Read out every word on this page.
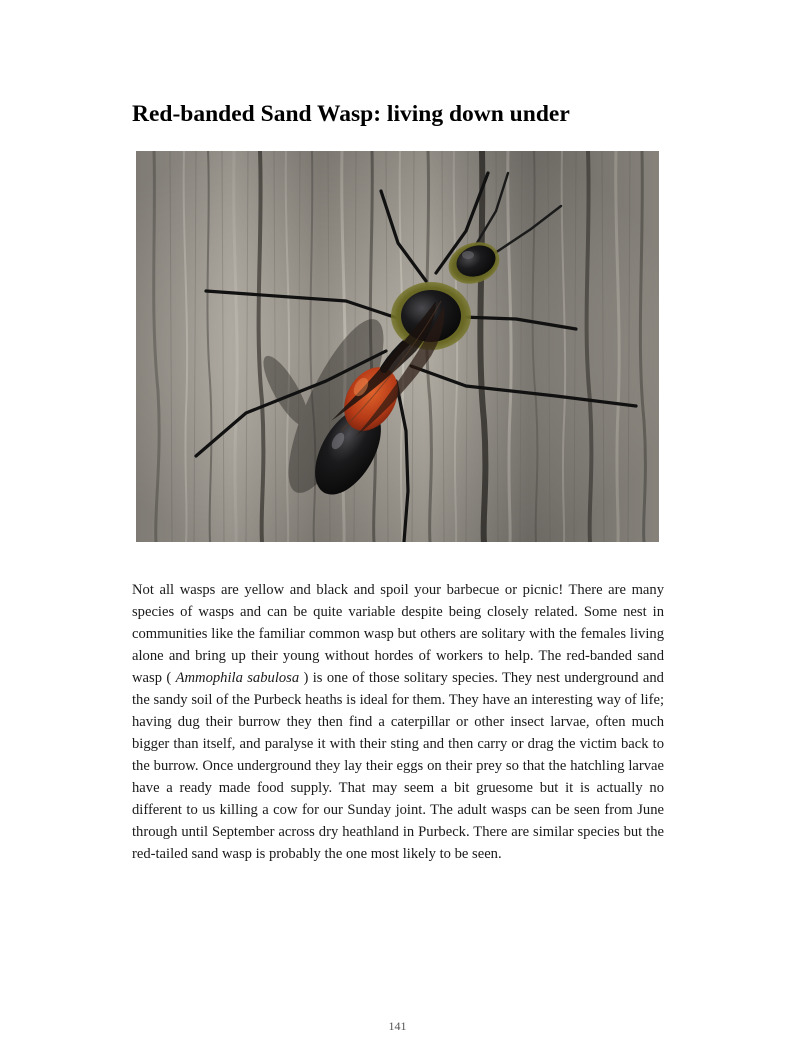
Red-banded Sand Wasp: living down under

Not all wasps are yellow and black and spoil your barbecue or picnic! There are many species of wasps and can be quite variable despite being closely related. Some nest in communities like the familiar common wasp but others are solitary with the females living alone and bring up their young without hordes of workers to help. The red-banded sand wasp ( Ammophila sabulosa ) is one of those solitary species. They nest underground and the sandy soil of the Purbeck heaths is ideal for them. They have an interesting way of life; having dug their burrow they then find a caterpillar or other insect larvae, often much bigger than itself, and paralyse it with their sting and then carry or drag the victim back to the burrow. Once underground they lay their eggs on their prey so that the hatchling larvae have a ready made food supply. That may seem a bit gruesome but it is actually no different to us killing a cow for our Sunday joint. The adult wasps can be seen from June through until September across dry heathland in Purbeck. There are similar species but the red-tailed sand wasp is probably the one most likely to be seen.

141
